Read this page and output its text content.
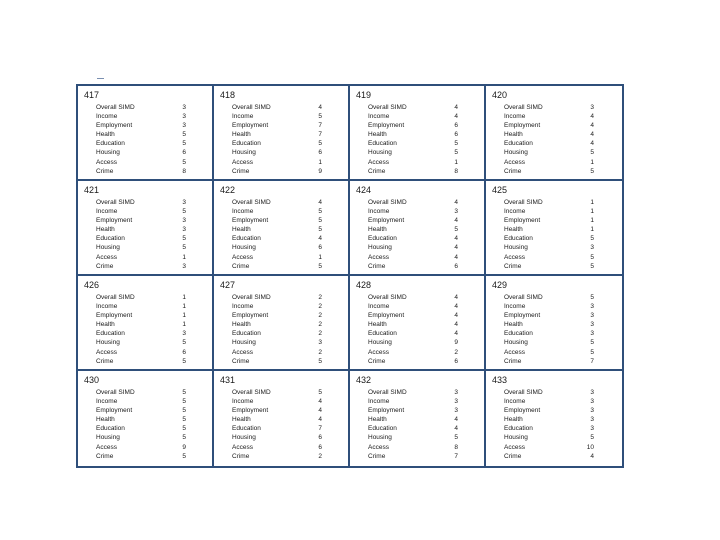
417
Overall SIMD	3
Income	3
Employment	3
Health	5
Education	5
Housing	6
Access	5
Crime	8
418
Overall SIMD	4
Income	5
Employment	7
Health	7
Education	5
Housing	6
Access	1
Crime	9
419
Overall SIMD	4
Income	4
Employment	6
Health	6
Education	5
Housing	5
Access	1
Crime	8
420
Overall SIMD	3
Income	4
Employment	4
Health	4
Education	4
Housing	5
Access	1
Crime	5
421
Overall SIMD	3
Income	5
Employment	3
Health	3
Education	5
Housing	5
Access	1
Crime	3
422
Overall SIMD	4
Income	5
Employment	5
Health	5
Education	4
Housing	6
Access	1
Crime	5
424
Overall SIMD	4
Income	3
Employment	4
Health	5
Education	4
Housing	4
Access	4
Crime	6
425
Overall SIMD	1
Income	1
Employment	1
Health	1
Education	5
Housing	3
Access	5
Crime	5
426
Overall SIMD	1
Income	1
Employment	1
Health	1
Education	3
Housing	5
Access	6
Crime	5
427
Overall SIMD	2
Income	2
Employment	2
Health	2
Education	2
Housing	3
Access	2
Crime	5
428
Overall SIMD	4
Income	4
Employment	4
Health	4
Education	4
Housing	9
Access	2
Crime	6
429
Overall SIMD	5
Income	3
Employment	3
Health	3
Education	3
Housing	5
Access	5
Crime	7
430
Overall SIMD	5
Income	5
Employment	5
Health	5
Education	5
Housing	5
Access	9
Crime	5
431
Overall SIMD	5
Income	4
Employment	4
Health	4
Education	7
Housing	6
Access	6
Crime	2
432
Overall SIMD	3
Income	3
Employment	3
Health	4
Education	4
Housing	5
Access	8
Crime	7
433
Overall SIMD	3
Income	3
Employment	3
Health	3
Education	3
Housing	5
Access	10
Crime	4
